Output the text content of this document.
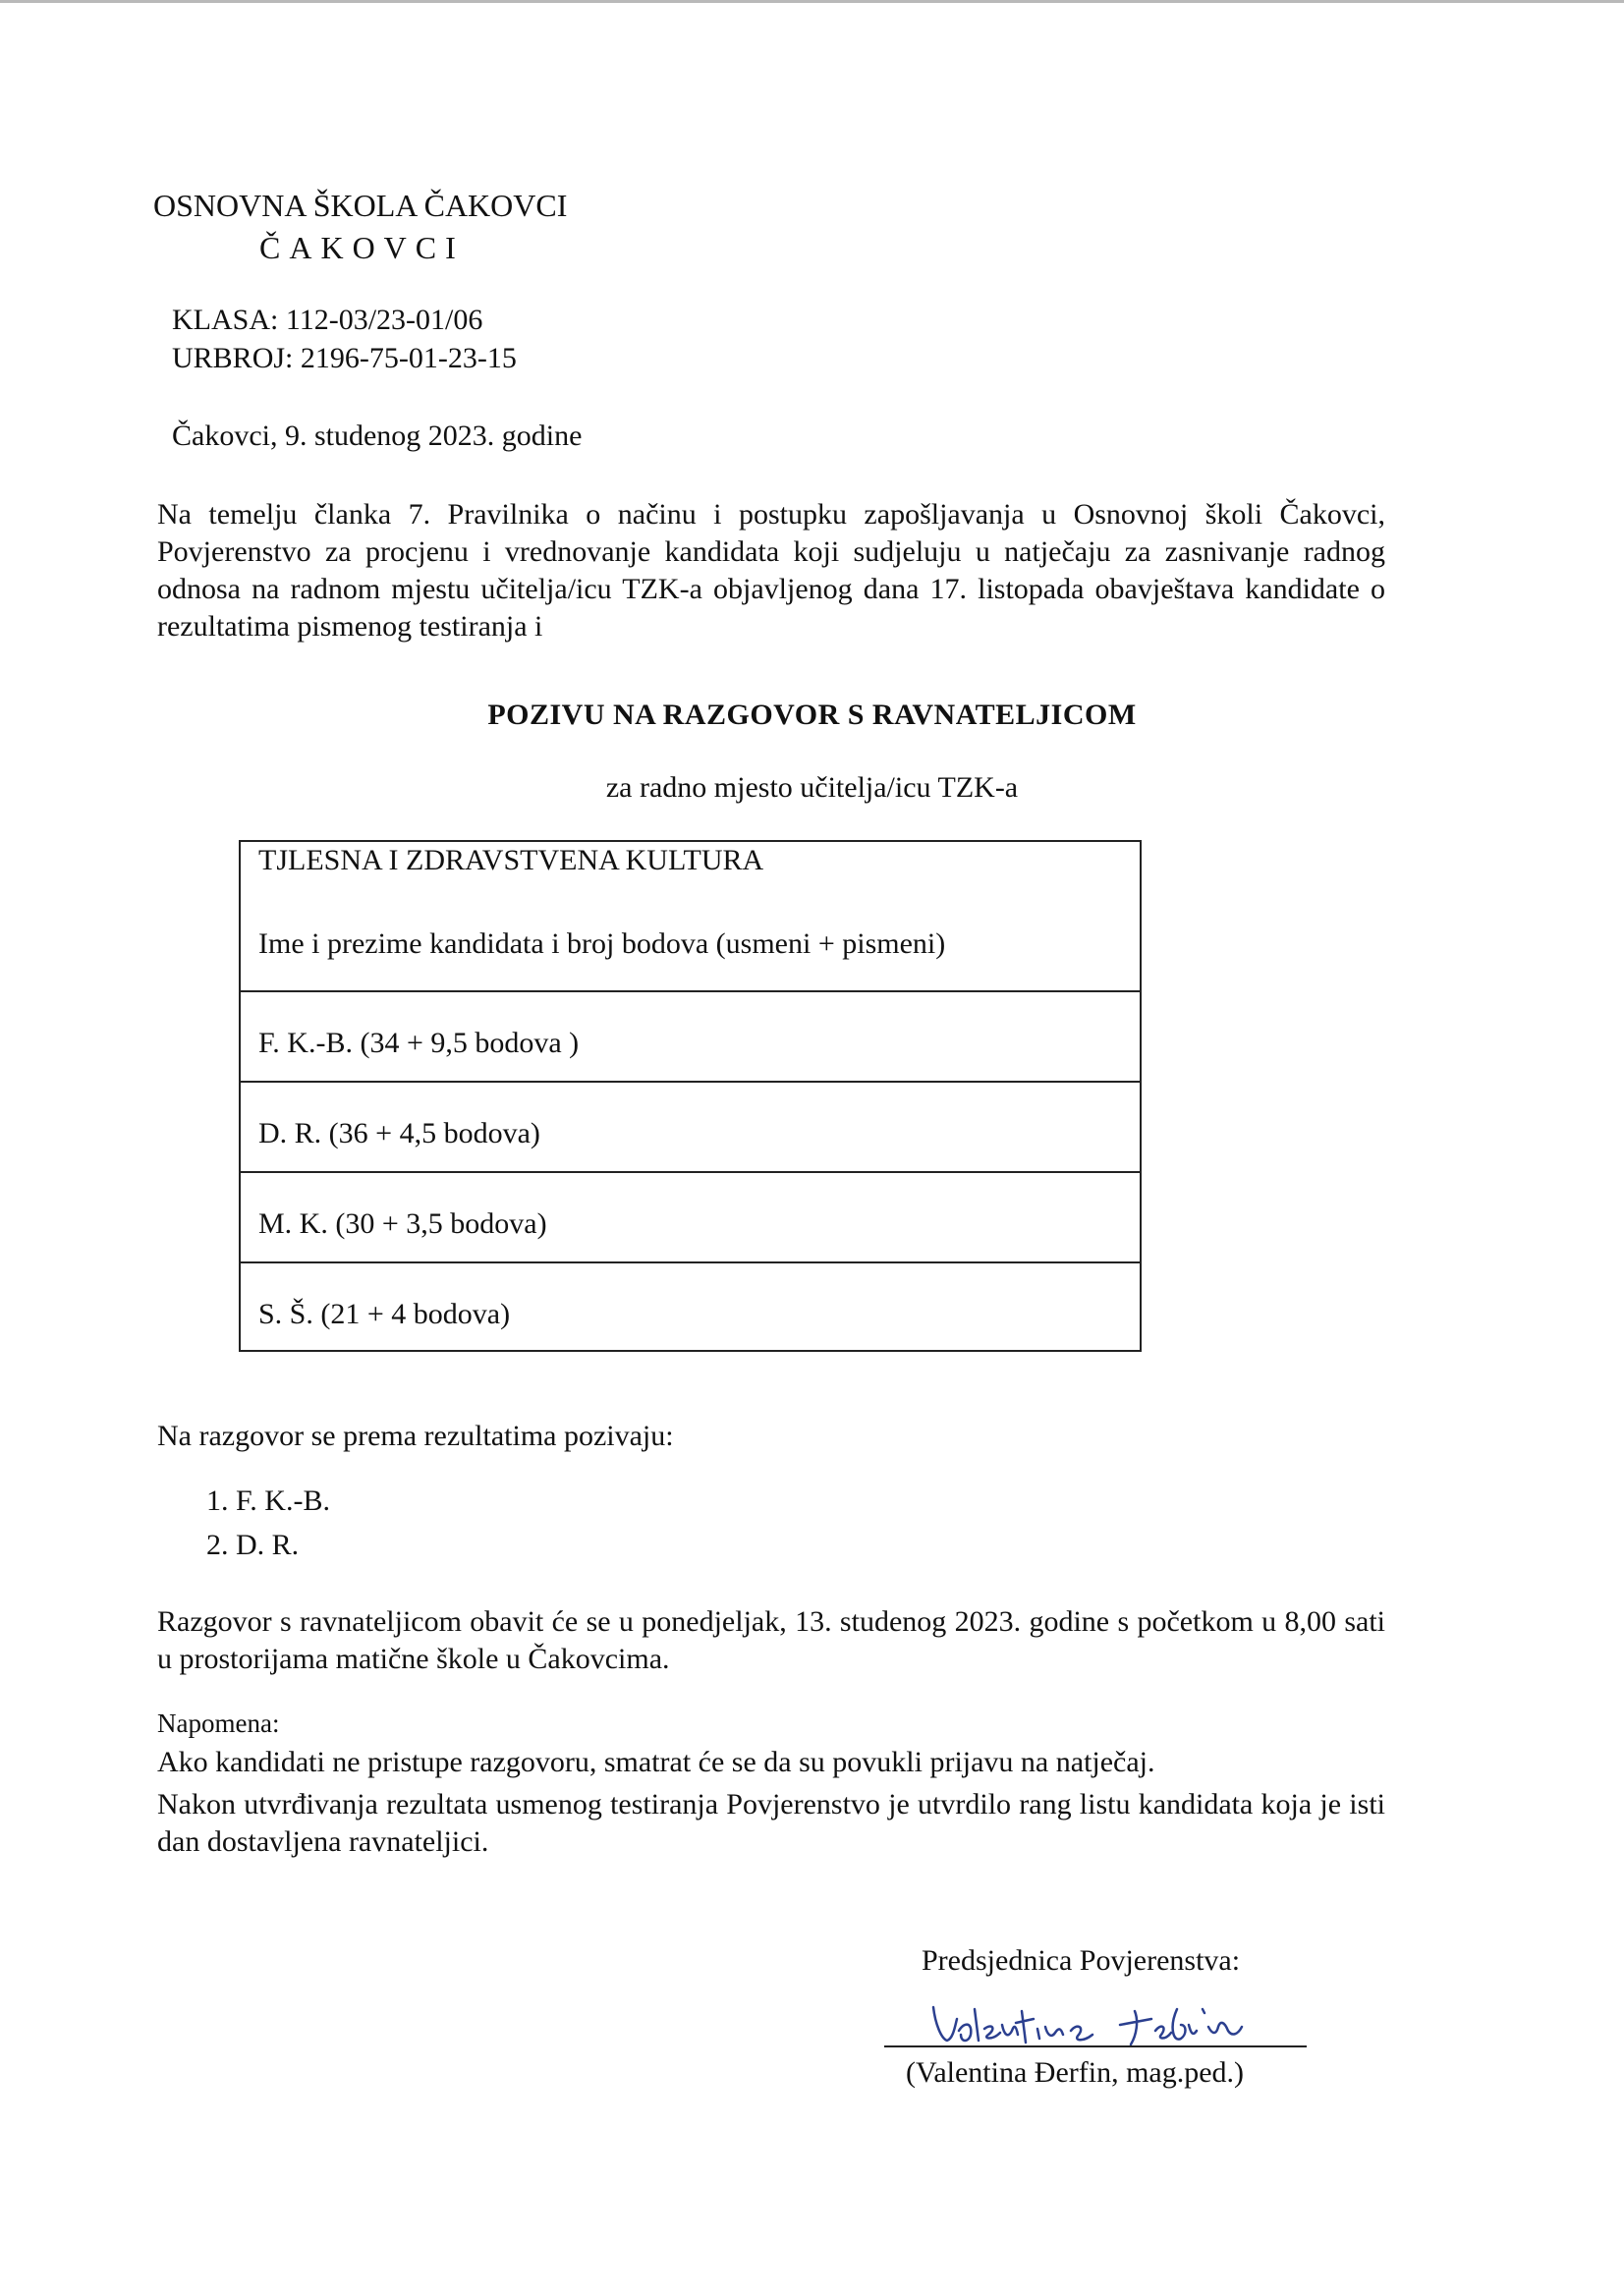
OSNOVNA ŠKOLA ČAKOVCI
ČAKOVCI
KLASA: 112-03/23-01/06
URBROJ: 2196-75-01-23-15
Čakovci, 9. studenog 2023. godine
Na temelju članka 7. Pravilnika o načinu i postupku zapošljavanja u Osnovnoj školi Čakovci, Povjerenstvo za procjenu i vrednovanje kandidata koji sudjeluju u natječaju za zasnivanje radnog odnosa na radnom mjestu učitelja/icu TZK-a objavljenog dana 17. listopada obavještava kandidate o rezultatima pismenog testiranja i
POZIVU NA RAZGOVOR S RAVNATELJICOM
za radno mjesto učitelja/icu TZK-a
TJLESNA I ZDRAVSTVENA KULTURA
Ime i prezime kandidata i broj bodova (usmeni + pismeni)
F. K.-B. (34 + 9,5 bodova )
D. R. (36 + 4,5 bodova)
M. K. (30 + 3,5 bodova)
S. Š. (21 + 4 bodova)
Na razgovor se prema rezultatima pozivaju:
1. F. K.-B.
2. D. R.
Razgovor s ravnateljicom obavit će se u ponedjeljak, 13. studenog 2023. godine s početkom u 8,00 sati u prostorijama matične škole u Čakovcima.
Napomena:
Ako kandidati ne pristupe razgovoru, smatrat će se da su povukli prijavu na natječaj.
Nakon utvrđivanja rezultata usmenog testiranja Povjerenstvo je utvrdilo rang listu kandidata koja je isti dan dostavljena ravnateljici.
Predsjednica Povjerenstva:
(Valentina Đerfin, mag.ped.)
